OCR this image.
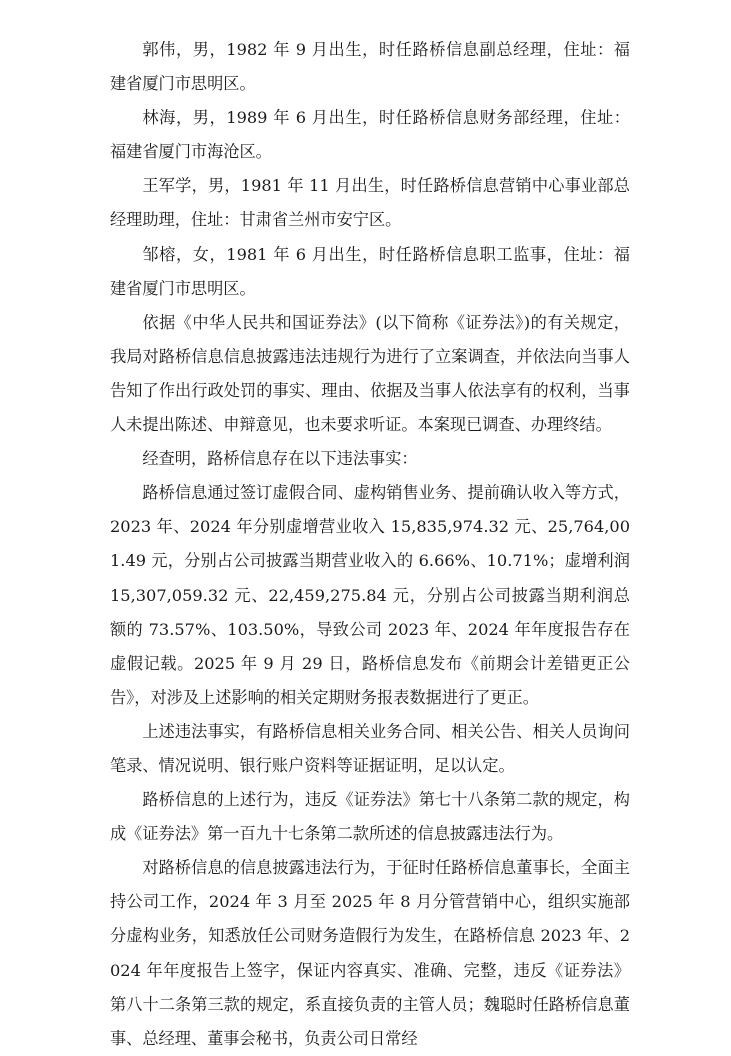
郭伟，男，1982 年 9 月出生，时任路桥信息副总经理，住址：福建省厦门市思明区。

林海，男，1989 年 6 月出生，时任路桥信息财务部经理，住址：福建省厦门市海沧区。

王军学，男，1981 年 11 月出生，时任路桥信息营销中心事业部总经理助理，住址：甘肃省兰州市安宁区。

邹榕，女，1981 年 6 月出生，时任路桥信息职工监事，住址：福建省厦门市思明区。

依据《中华人民共和国证券法》(以下简称《证券法》)的有关规定，我局对路桥信息信息披露违法违规行为进行了立案调查，并依法向当事人告知了作出行政处罚的事实、理由、依据及当事人依法享有的权利，当事人未提出陈述、申辩意见，也未要求听证。本案现已调查、办理终结。

经查明，路桥信息存在以下违法事实：

路桥信息通过签订虚假合同、虚构销售业务、提前确认收入等方式，2023 年、2024 年分别虚增营业收入 15,835,974.32 元、25,764,001.49 元，分别占公司披露当期营业收入的 6.66%、10.71%；虚增利润 15,307,059.32 元、22,459,275.84 元，分别占公司披露当期利润总额的 73.57%、103.50%，导致公司 2023 年、2024 年年度报告存在虚假记载。2025 年 9 月 29 日，路桥信息发布《前期会计差错更正公告》，对涉及上述影响的相关定期财务报表数据进行了更正。

上述违法事实，有路桥信息相关业务合同、相关公告、相关人员询问笔录、情况说明、银行账户资料等证据证明，足以认定。

路桥信息的上述行为，违反《证券法》第七十八条第二款的规定，构成《证券法》第一百九十七条第二款所述的信息披露违法行为。

对路桥信息的信息披露违法行为，于征时任路桥信息董事长，全面主持公司工作，2024 年 3 月至 2025 年 8 月分管营销中心，组织实施部分虚构业务，知悉放任公司财务造假行为发生，在路桥信息 2023 年、2024 年年度报告上签字，保证内容真实、准确、完整，违反《证券法》第八十二条第三款的规定，系直接负责的主管人员；魏聪时任路桥信息董事、总经理、董事会秘书，负责公司日常经
